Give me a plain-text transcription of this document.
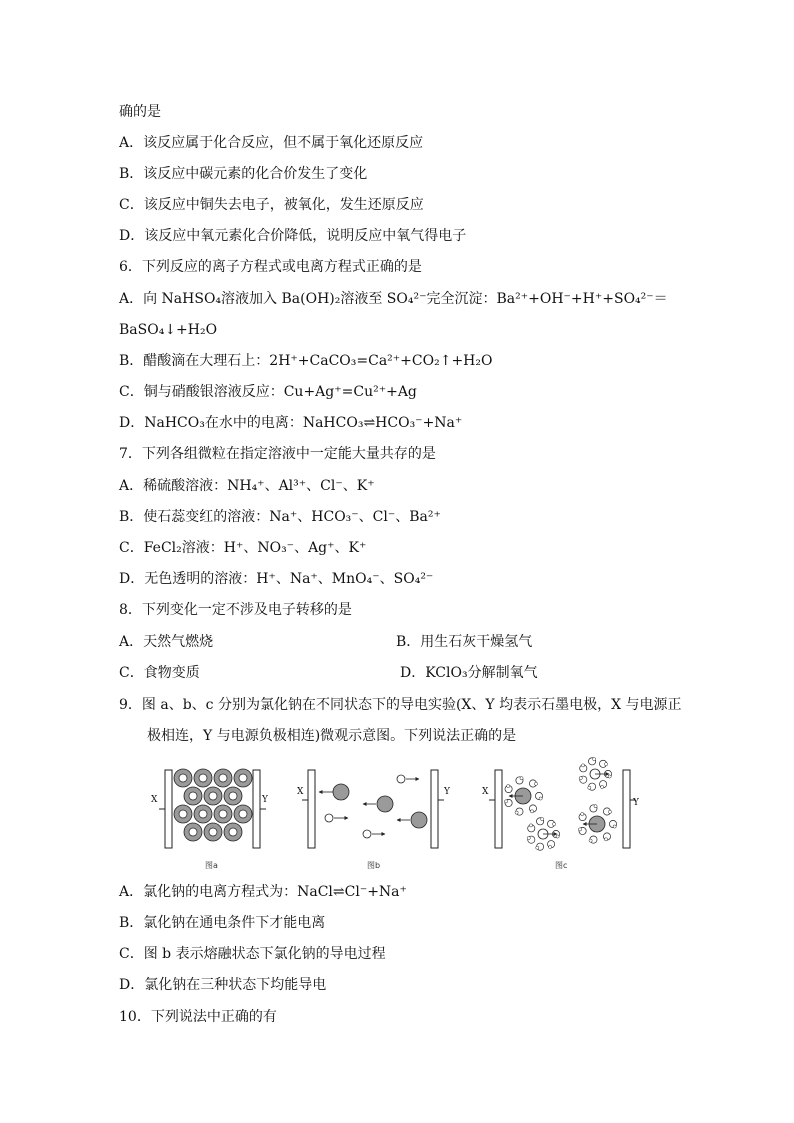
确的是
A．该反应属于化合反应，但不属于氧化还原反应
B．该反应中碳元素的化合价发生了变化
C．该反应中铜失去电子，被氧化，发生还原反应
D．该反应中氧元素化合价降低，说明反应中氧气得电子
6．下列反应的离子方程式或电离方程式正确的是
A．向 NaHSO₄溶液加入 Ba(OH)₂溶液至 SO₄²⁻完全沉淀：Ba²⁺+OH⁻+H⁺+SO₄²⁻＝
BaSO₄↓+H₂O
B．醋酸滴在大理石上：2H⁺+CaCO₃=Ca²⁺+CO₂↑+H₂O
C．铜与硝酸银溶液反应：Cu+Ag⁺=Cu²⁺+Ag
D．NaHCO₃在水中的电离：NaHCO₃⇌HCO₃⁻+Na⁺
7．下列各组微粒在指定溶液中一定能大量共存的是
A．稀硫酸溶液：NH₄⁺、Al³⁺、Cl⁻、K⁺
B．使石蕊变红的溶液：Na⁺、HCO₃⁻、Cl⁻、Ba²⁺
C．FeCl₂溶液：H⁺、NO₃⁻、Ag⁺、K⁺
D．无色透明的溶液：H⁺、Na⁺、MnO₄⁻、SO₄²⁻
8．下列变化一定不涉及电子转移的是
A．天然气燃烧	B．用生石灰干燥氢气
C．食物变质	D．KClO₃分解制氧气
9．图 a、b、c 分别为氯化钠在不同状态下的导电实验(X、Y 均表示石墨电极，X 与电源正
极相连，Y 与电源负极相连)微观示意图。下列说法正确的是
X	Y
图a
X	Y
图b
X
Y
图c
A．氯化钠的电离方程式为：NaCl⇌Cl⁻+Na⁺
B．氯化钠在通电条件下才能电离
C．图 b 表示熔融状态下氯化钠的导电过程
D．氯化钠在三种状态下均能导电
10．下列说法中正确的有
